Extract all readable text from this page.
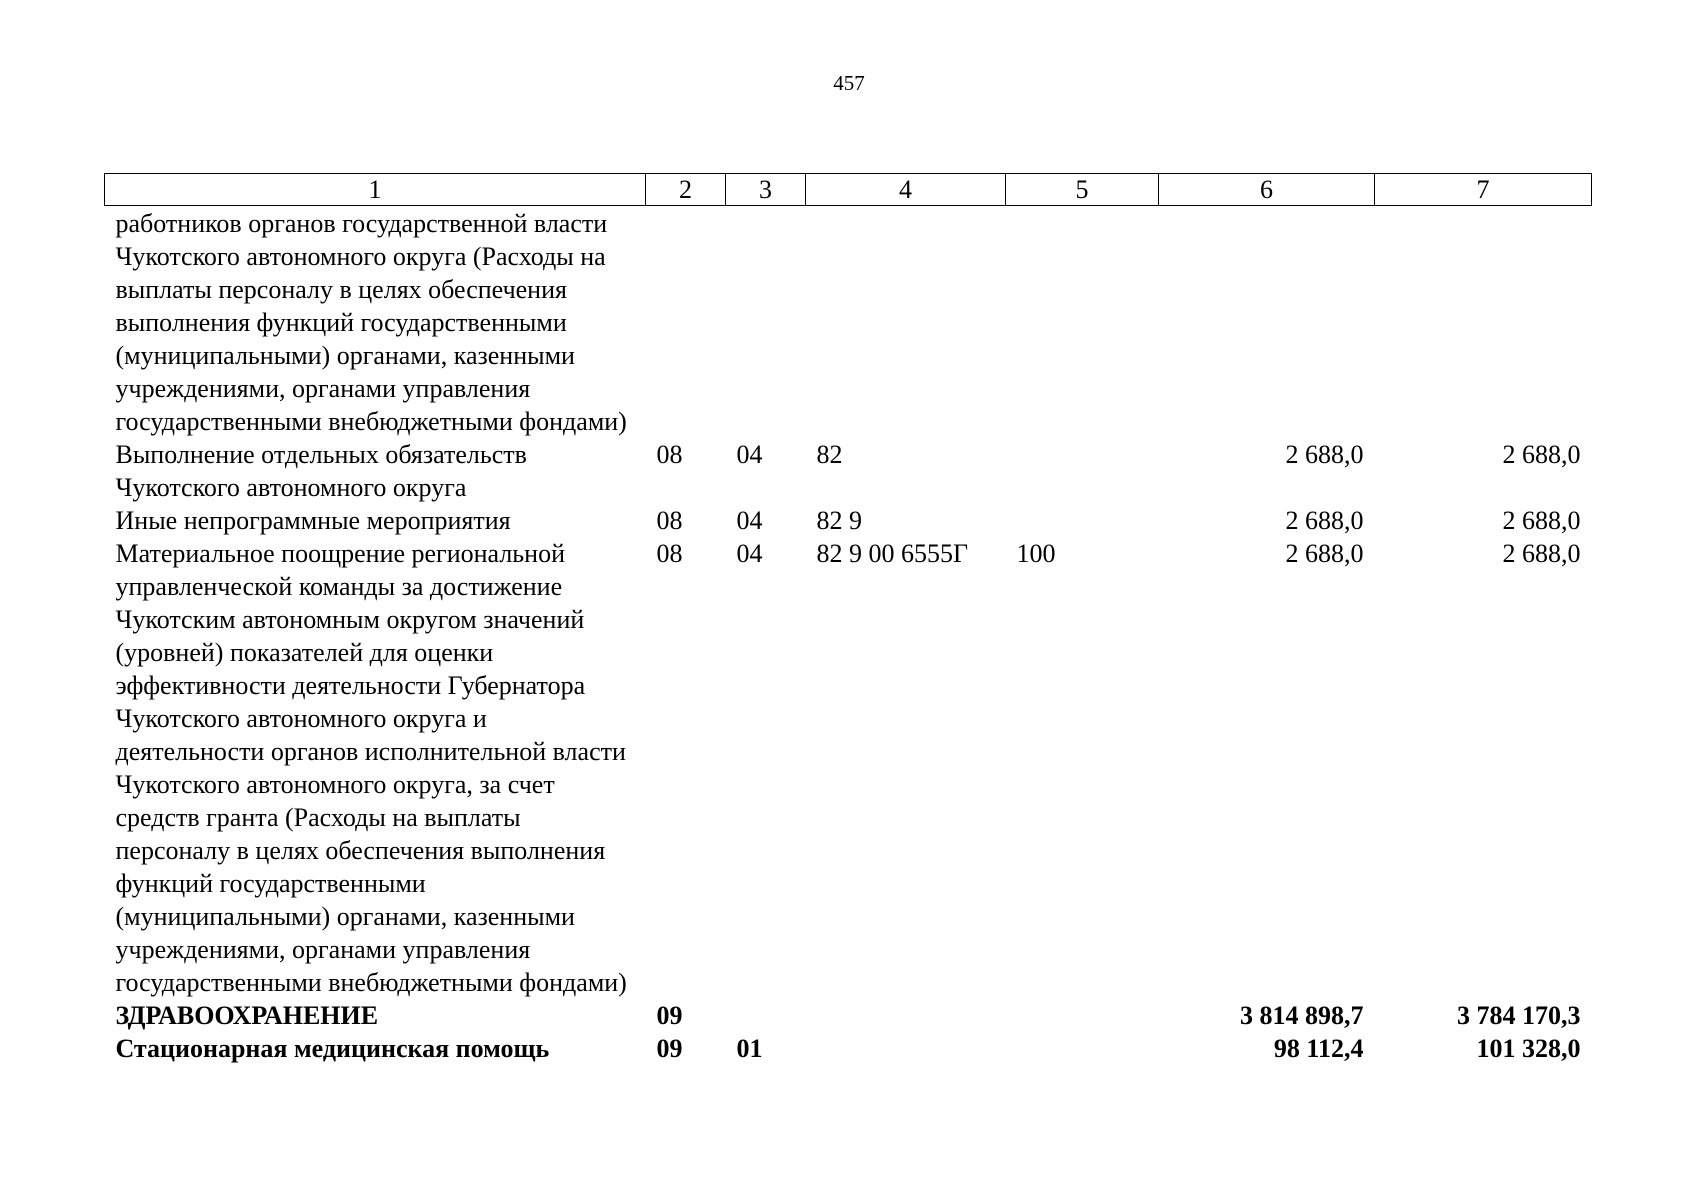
457
1	2	3	4	5	6	7
работников органов государственной власти Чукотского автономного округа (Расходы на выплаты персоналу в целях обеспечения выполнения функций государственными (муниципальными) органами, казенными учреждениями, органами управления государственными внебюджетными фондами)						
Выполнение отдельных обязательств Чукотского автономного округа	08	04	82		2 688,0	2 688,0
Иные непрограммные мероприятия	08	04	82 9		2 688,0	2 688,0
Материальное поощрение региональной управленческой команды за достижение Чукотским автономным округом значений (уровней) показателей для оценки эффективности деятельности Губернатора Чукотского автономного округа и деятельности органов исполнительной власти Чукотского автономного округа, за счет средств гранта (Расходы на выплаты персоналу в целях обеспечения выполнения функций государственными (муниципальными) органами, казенными учреждениями, органами управления государственными внебюджетными фондами)	08	04	82 9 00 6555Г	100	2 688,0	2 688,0
ЗДРАВООХРАНЕНИЕ	09				3 814 898,7	3 784 170,3
Стационарная медицинская помощь	09	01			98 112,4	101 328,0
